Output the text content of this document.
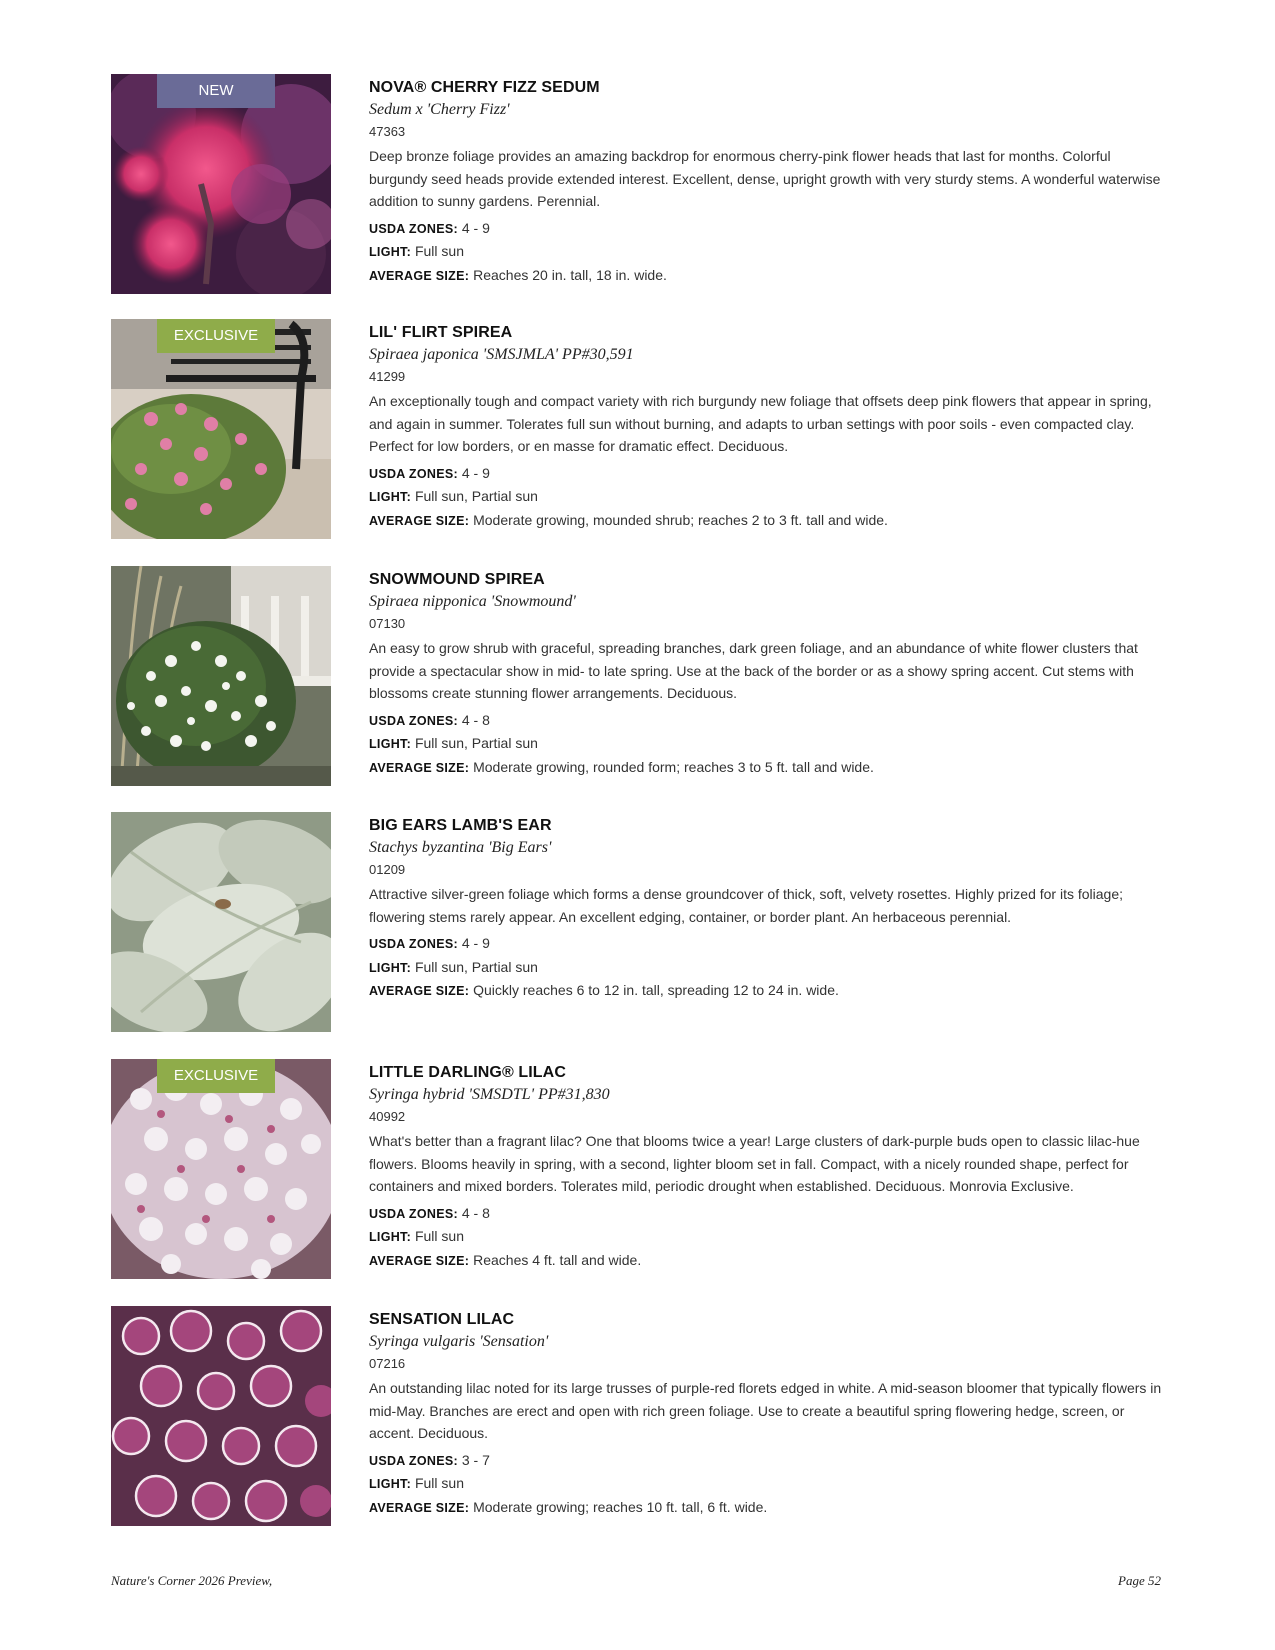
NEW	NOVA® CHERRY FIZZ SEDUM
Sedum x 'Cherry Fizz'
47363
Deep bronze foliage provides an amazing backdrop for enormous cherry-pink flower heads that last for months. Colorful burgundy seed heads provide extended interest. Excellent, dense, upright growth with very sturdy stems. A wonderful waterwise addition to sunny gardens. Perennial.
USDA ZONES: 4 - 9
LIGHT: Full sun
AVERAGE SIZE: Reaches 20 in. tall, 18 in. wide.
EXCLUSIVE	LIL' FLIRT SPIREA
Spiraea japonica 'SMSJMLA' PP#30,591
41299
An exceptionally tough and compact variety with rich burgundy new foliage that offsets deep pink flowers that appear in spring, and again in summer. Tolerates full sun without burning, and adapts to urban settings with poor soils - even compacted clay. Perfect for low borders, or en masse for dramatic effect. Deciduous.
USDA ZONES: 4 - 9
LIGHT: Full sun, Partial sun
AVERAGE SIZE: Moderate growing, mounded shrub; reaches 2 to 3 ft. tall and wide.
SNOWMOUND SPIREA
Spiraea nipponica 'Snowmound'
07130
An easy to grow shrub with graceful, spreading branches, dark green foliage, and an abundance of white flower clusters that provide a spectacular show in mid- to late spring. Use at the back of the border or as a showy spring accent. Cut stems with blossoms create stunning flower arrangements. Deciduous.
USDA ZONES: 4 - 8
LIGHT: Full sun, Partial sun
AVERAGE SIZE: Moderate growing, rounded form; reaches 3 to 5 ft. tall and wide.
BIG EARS LAMB'S EAR
Stachys byzantina 'Big Ears'
01209
Attractive silver-green foliage which forms a dense groundcover of thick, soft, velvety rosettes. Highly prized for its foliage; flowering stems rarely appear. An excellent edging, container, or border plant. An herbaceous perennial.
USDA ZONES: 4 - 9
LIGHT: Full sun, Partial sun
AVERAGE SIZE: Quickly reaches 6 to 12 in. tall, spreading 12 to 24 in. wide.
EXCLUSIVE	LITTLE DARLING® LILAC
Syringa hybrid 'SMSDTL' PP#31,830
40992
What's better than a fragrant lilac? One that blooms twice a year! Large clusters of dark-purple buds open to classic lilac-hue flowers. Blooms heavily in spring, with a second, lighter bloom set in fall. Compact, with a nicely rounded shape, perfect for containers and mixed borders. Tolerates mild, periodic drought when established. Deciduous. Monrovia Exclusive.
USDA ZONES: 4 - 8
LIGHT: Full sun
AVERAGE SIZE: Reaches 4 ft. tall and wide.
SENSATION LILAC
Syringa vulgaris 'Sensation'
07216
An outstanding lilac noted for its large trusses of purple-red florets edged in white. A mid-season bloomer that typically flowers in mid-May. Branches are erect and open with rich green foliage. Use to create a beautiful spring flowering hedge, screen, or accent. Deciduous.
USDA ZONES: 3 - 7
LIGHT: Full sun
AVERAGE SIZE: Moderate growing; reaches 10 ft. tall, 6 ft. wide.
Nature's Corner 2026 Preview,	Page 52
